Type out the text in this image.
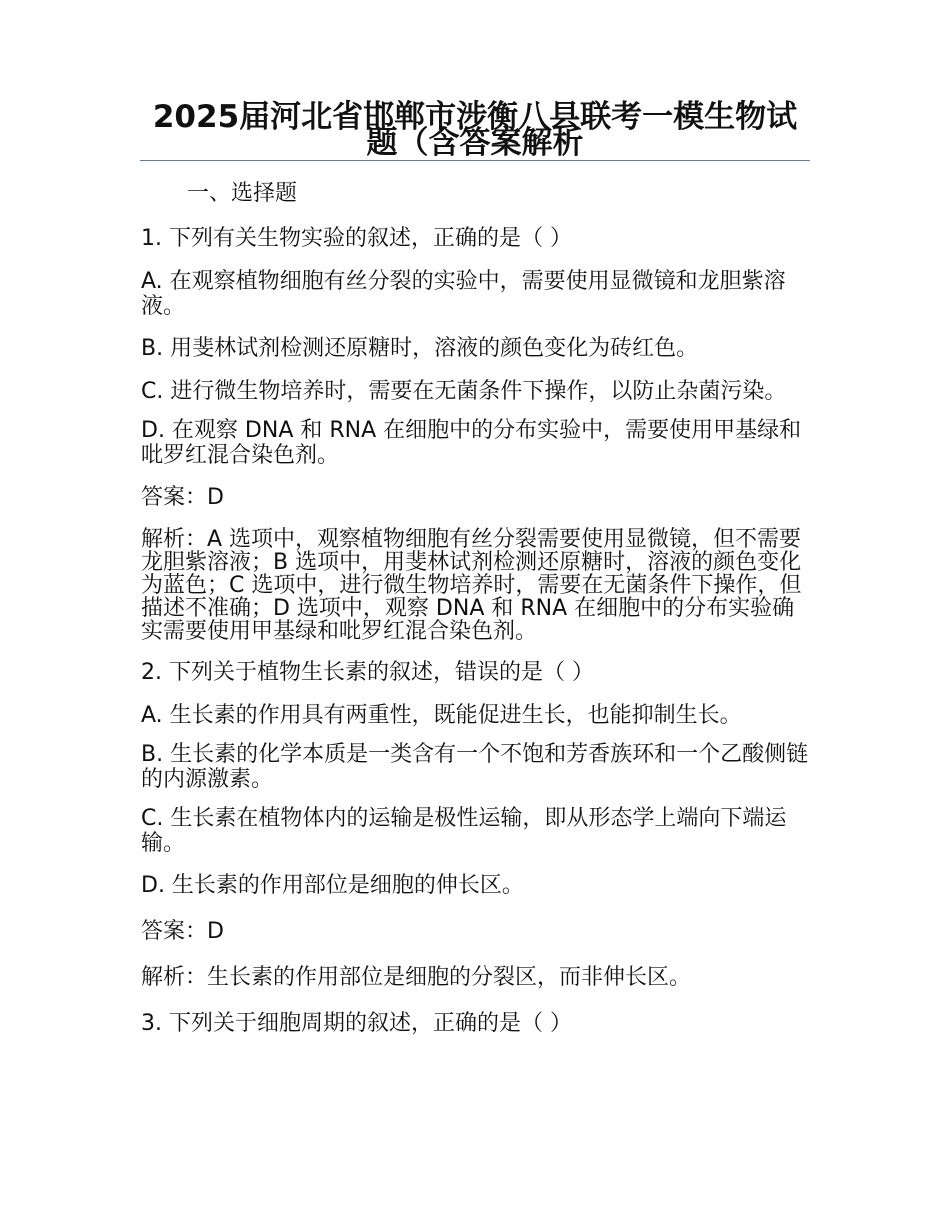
2025届河北省邯郸市涉衡八县联考一模生物试题（含答案解析

一、选择题

1. 下列有关生物实验的叙述，正确的是（ ）

A. 在观察植物细胞有丝分裂的实验中，需要使用显微镜和龙胆紫溶液。

B. 用斐林试剂检测还原糖时，溶液的颜色变化为砖红色。

C. 进行微生物培养时，需要在无菌条件下操作，以防止杂菌污染。

D. 在观察 DNA 和 RNA 在细胞中的分布实验中，需要使用甲基绿和吡罗红混合染色剂。

答案：D

解析：A 选项中，观察植物细胞有丝分裂需要使用显微镜，但不需要龙胆紫溶液；B 选项中，用斐林试剂检测还原糖时，溶液的颜色变化为蓝色；C 选项中，进行微生物培养时，需要在无菌条件下操作，但描述不准确；D 选项中，观察 DNA 和 RNA 在细胞中的分布实验确实需要使用甲基绿和吡罗红混合染色剂。

2. 下列关于植物生长素的叙述，错误的是（ ）

A. 生长素的作用具有两重性，既能促进生长，也能抑制生长。

B. 生长素的化学本质是一类含有一个不饱和芳香族环和一个乙酸侧链的内源激素。

C. 生长素在植物体内的运输是极性运输，即从形态学上端向下端运输。

D. 生长素的作用部位是细胞的伸长区。

答案：D

解析：生长素的作用部位是细胞的分裂区，而非伸长区。

3. 下列关于细胞周期的叙述，正确的是（ ）
